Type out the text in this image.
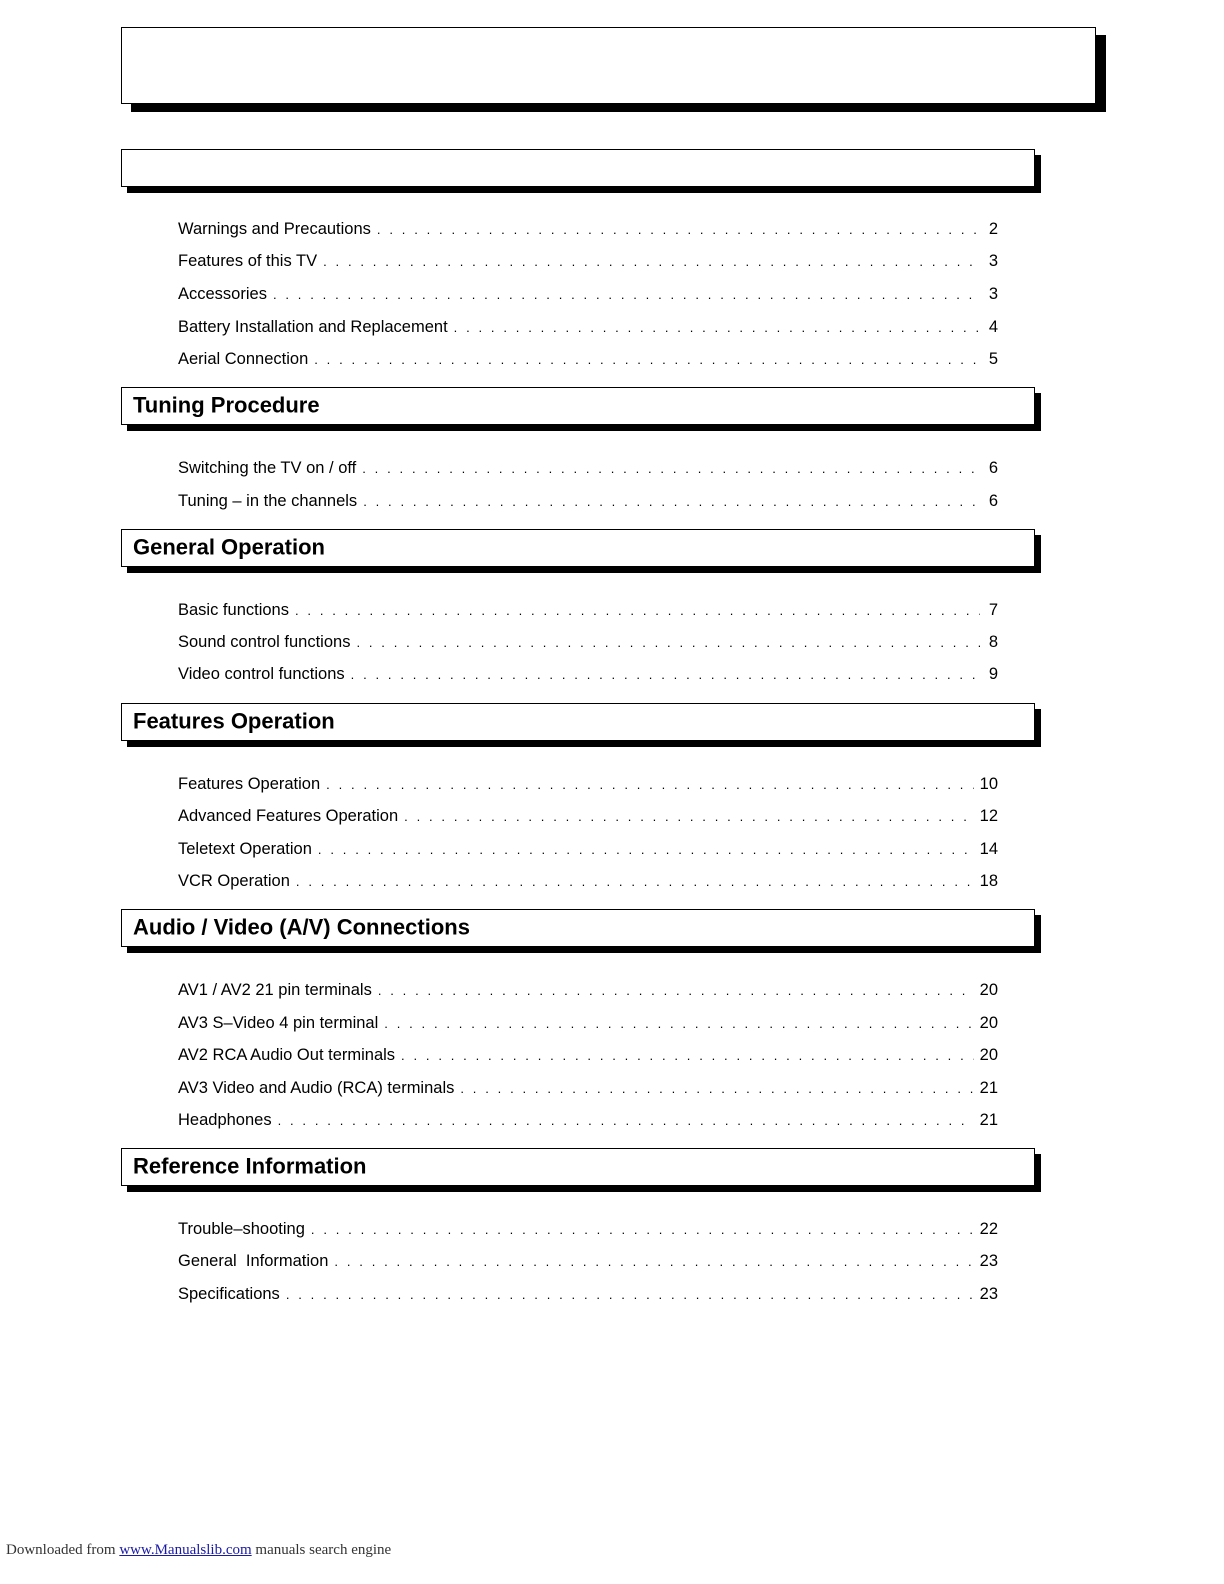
Warnings and Precautions . . .	2
Features of this TV . . .	3
Accessories . . .	3
Battery Installation and Replacement . . .	4
Aerial Connection . . .	5
Tuning Procedure
Switching the TV on / off . . .	6
Tuning – in the channels . . .	6
General Operation
Basic functions . . .	7
Sound control functions . . .	8
Video control functions . . .	9
Features Operation
Features Operation . . .	10
Advanced Features Operation . . .	12
Teletext Operation . . .	14
VCR Operation . . .	18
Audio / Video (A/V) Connections
AV1 / AV2 21 pin terminals . . .	20
AV3 S–Video 4 pin terminal . . .	20
AV2 RCA Audio Out terminals . . .	20
AV3 Video and Audio (RCA) terminals . . .	21
Headphones . . .	21
Reference Information
Trouble–shooting . . .	22
General  Information . . .	23
Specifications . . .	23
Downloaded from www.Manualslib.com manuals search engine
